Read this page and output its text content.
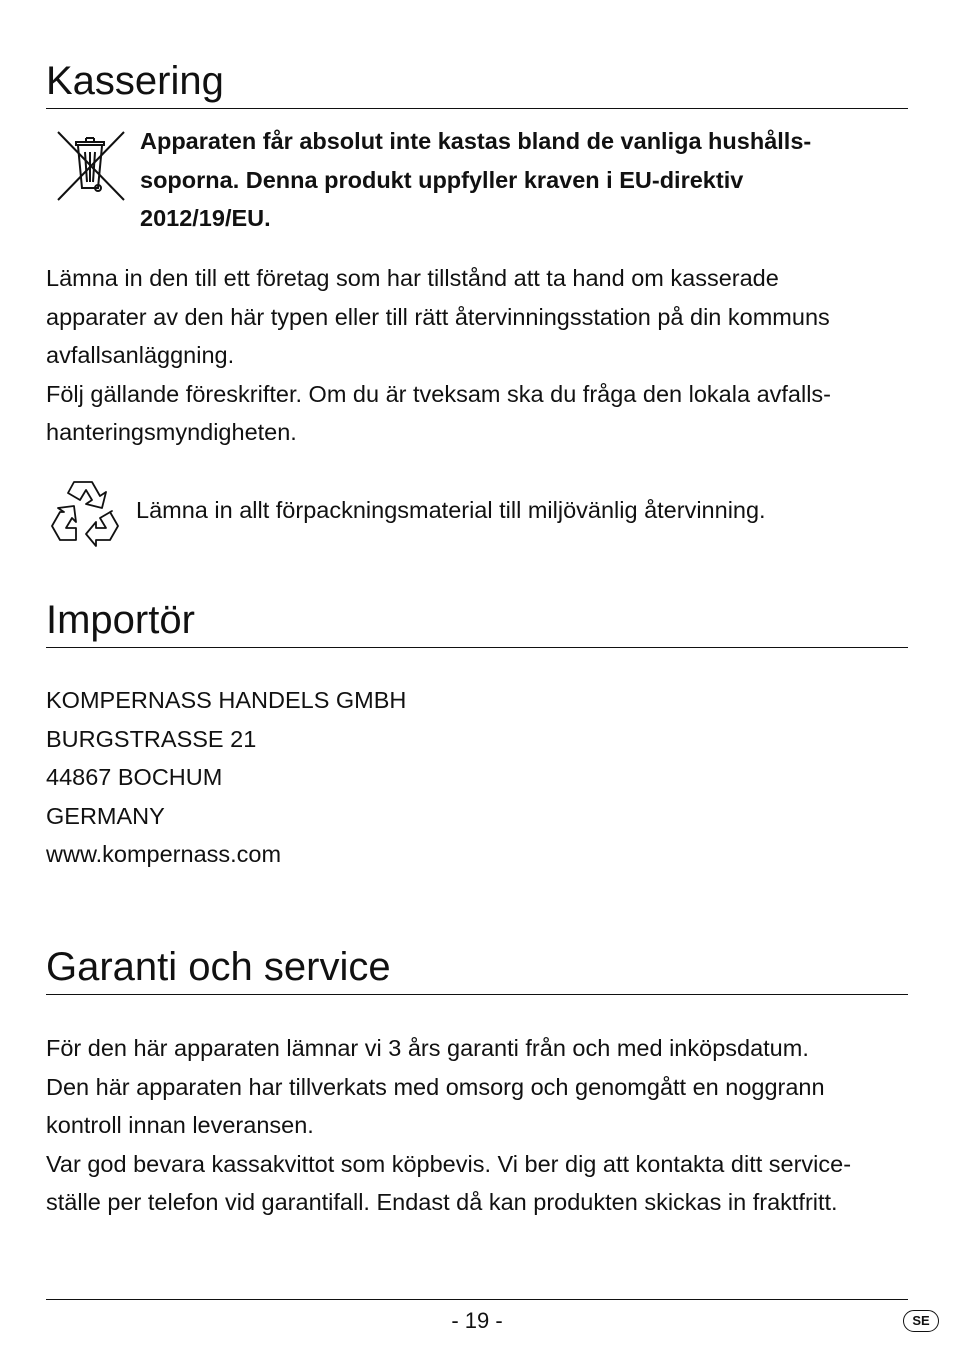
Kassering
Apparaten får absolut inte kastas bland de vanliga hushålls-
soporna. Denna produkt uppfyller kraven i EU-direktiv
2012/19/EU.
Lämna in den till ett företag som har tillstånd att ta hand om kasserade
apparater av den här typen eller till rätt återvinningsstation på din kommuns
avfallsanläggning.
Följ gällande föreskrifter. Om du är tveksam ska du fråga den lokala avfalls-
hanteringsmyndigheten.
Lämna in allt förpackningsmaterial till miljövänlig återvinning.
Importör
KOMPERNASS HANDELS GMBH
BURGSTRASSE 21
44867 BOCHUM
GERMANY
www.kompernass.com
Garanti och service
För den här apparaten lämnar vi 3 års garanti från och med inköpsdatum.
Den här apparaten har tillverkats med omsorg och genomgått en noggrann
kontroll innan leveransen.
Var god bevara kassakvittot som köpbevis. Vi ber dig att kontakta ditt service-
ställe per telefon vid garantifall. Endast då kan produkten skickas in fraktfritt.
- 19 -	SE
